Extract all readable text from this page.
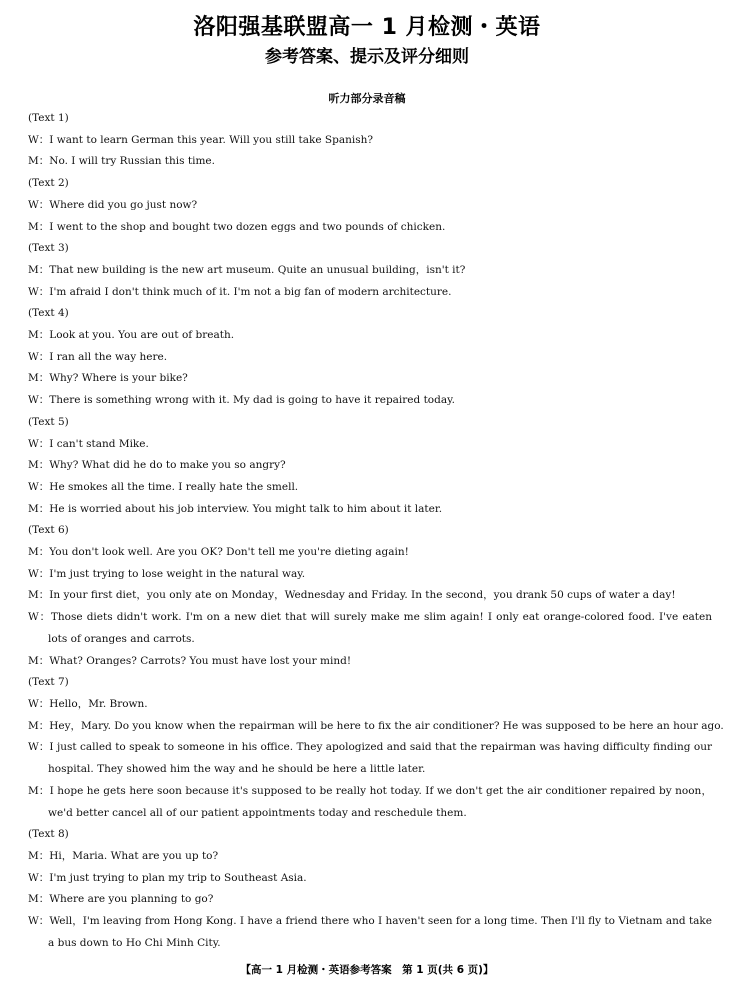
洛阳强基联盟高一 1 月检测・英语
参考答案、提示及评分细则
听力部分录音稿
(Text 1)
W：I want to learn German this year. Will you still take Spanish?
M：No. I will try Russian this time.
(Text 2)
W：Where did you go just now?
M：I went to the shop and bought two dozen eggs and two pounds of chicken.
(Text 3)
M：That new building is the new art museum. Quite an unusual building，isn't it?
W：I'm afraid I don't think much of it. I'm not a big fan of modern architecture.
(Text 4)
M：Look at you. You are out of breath.
W：I ran all the way here.
M：Why? Where is your bike?
W：There is something wrong with it. My dad is going to have it repaired today.
(Text 5)
W：I can't stand Mike.
M：Why? What did he do to make you so angry?
W：He smokes all the time. I really hate the smell.
M：He is worried about his job interview. You might talk to him about it later.
(Text 6)
M：You don't look well. Are you OK? Don't tell me you're dieting again!
W：I'm just trying to lose weight in the natural way.
M：In your first diet，you only ate on Monday，Wednesday and Friday. In the second，you drank 50 cups of water a day!
W：Those diets didn't work. I'm on a new diet that will surely make me slim again! I only eat orange-colored food. I've eaten lots of oranges and carrots.
M：What? Oranges? Carrots? You must have lost your mind!
(Text 7)
W：Hello，Mr. Brown.
M：Hey，Mary. Do you know when the repairman will be here to fix the air conditioner? He was supposed to be here an hour ago.
W：I just called to speak to someone in his office. They apologized and said that the repairman was having difficulty finding our hospital. They showed him the way and he should be here a little later.
M：I hope he gets here soon because it's supposed to be really hot today. If we don't get the air conditioner repaired by noon，we'd better cancel all of our patient appointments today and reschedule them.
(Text 8)
M：Hi，Maria. What are you up to?
W：I'm just trying to plan my trip to Southeast Asia.
M：Where are you planning to go?
W：Well，I'm leaving from Hong Kong. I have a friend there who I haven't seen for a long time. Then I'll fly to Vietnam and take a bus down to Ho Chi Minh City.
【高一 1 月检测・英语参考答案　第 1 页(共 6 页)】
